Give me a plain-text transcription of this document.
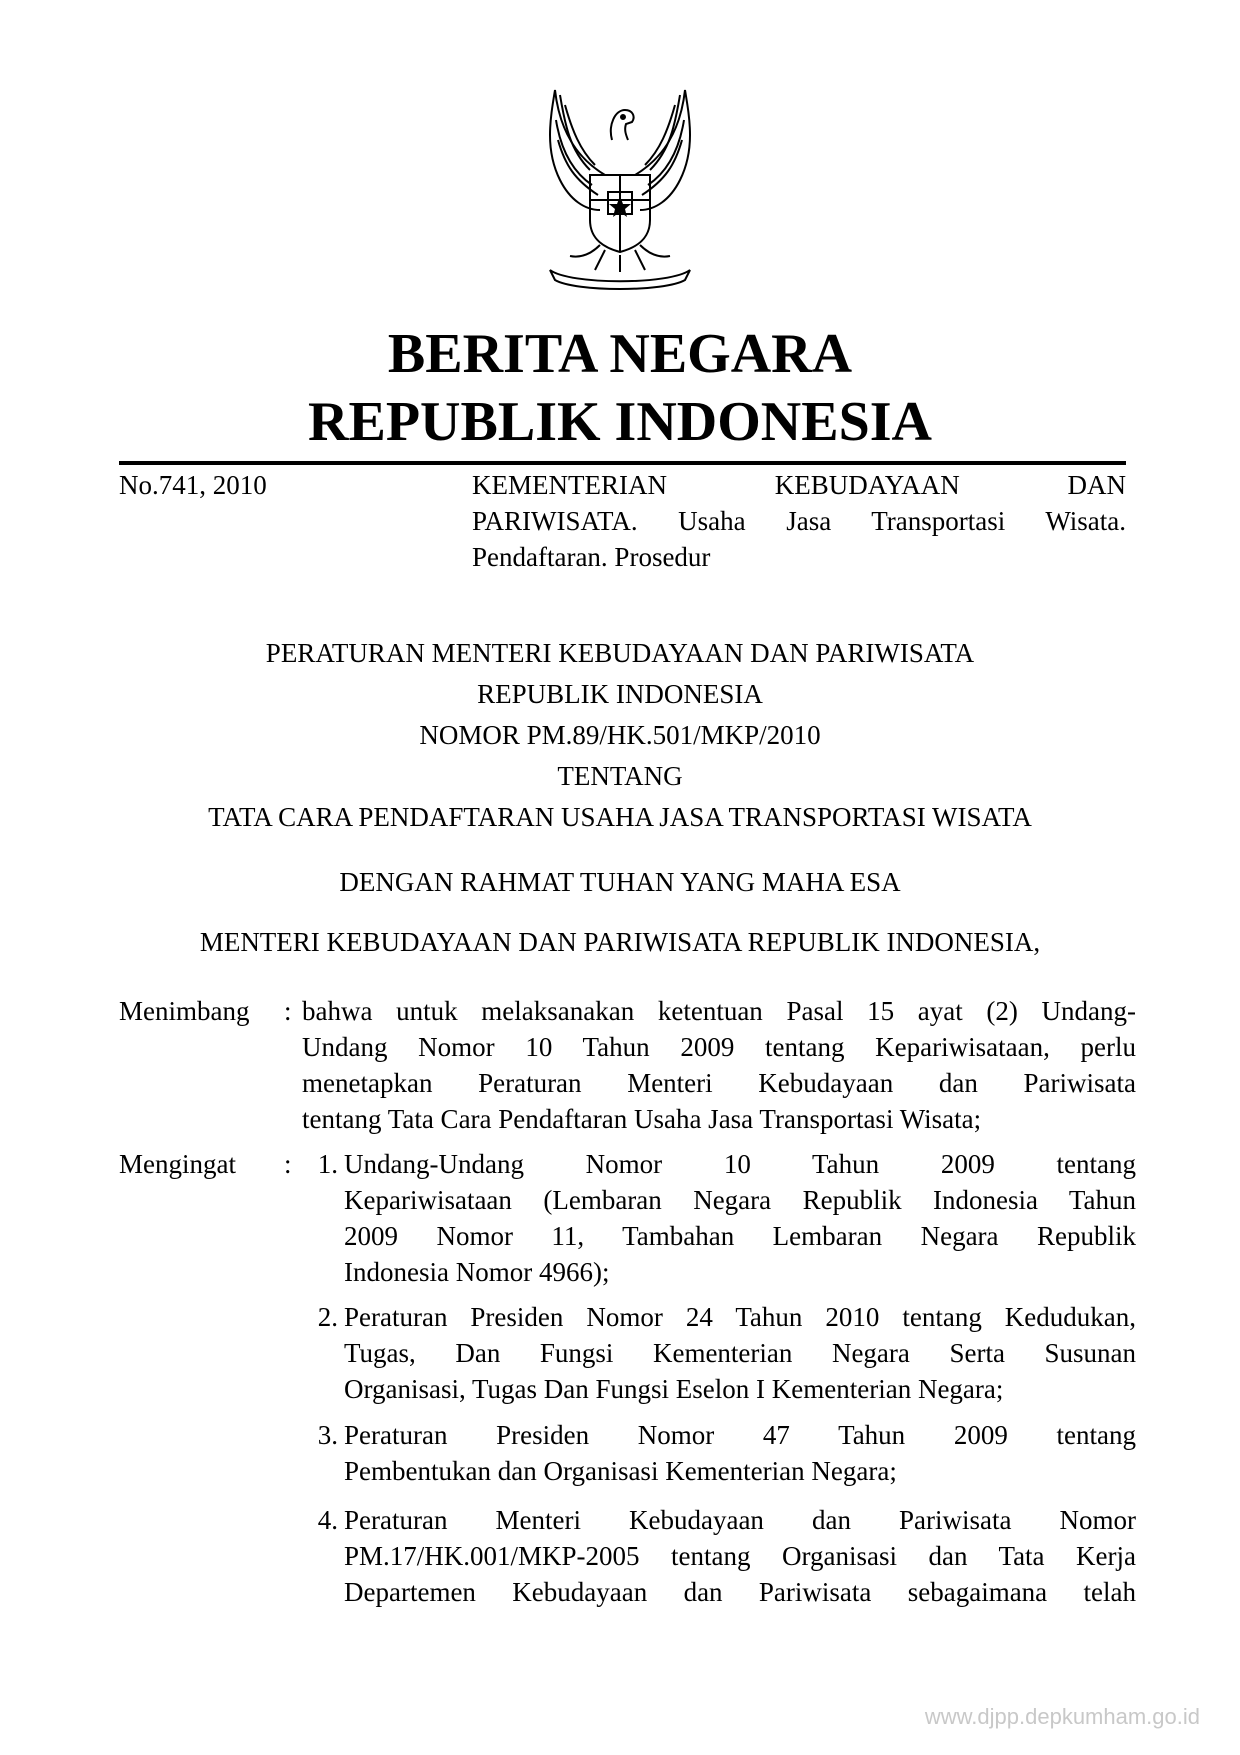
BERITA NEGARA
REPUBLIK INDONESIA
No.741, 2010	KEMENTERIAN KEBUDAYAAN DAN
PARIWISATA. Usaha Jasa Transportasi Wisata.
Pendaftaran. Prosedur
PERATURAN MENTERI KEBUDAYAAN DAN PARIWISATA
REPUBLIK INDONESIA
NOMOR PM.89/HK.501/MKP/2010
TENTANG
TATA CARA PENDAFTARAN USAHA JASA TRANSPORTASI WISATA
DENGAN RAHMAT TUHAN YANG MAHA ESA
MENTERI KEBUDAYAAN DAN PARIWISATA REPUBLIK INDONESIA,
Menimbang : bahwa untuk melaksanakan ketentuan Pasal 15 ayat (2) Undang-
Undang Nomor 10 Tahun 2009 tentang Kepariwisataan, perlu
menetapkan Peraturan Menteri Kebudayaan dan Pariwisata
tentang Tata Cara Pendaftaran Usaha Jasa Transportasi Wisata;
Mengingat : 1. Undang-Undang Nomor 10 Tahun 2009 tentang
Kepariwisataan (Lembaran Negara Republik Indonesia Tahun
2009 Nomor 11, Tambahan Lembaran Negara Republik
Indonesia Nomor 4966);
2. Peraturan Presiden Nomor 24 Tahun 2010 tentang Kedudukan,
Tugas, Dan Fungsi Kementerian Negara Serta Susunan
Organisasi, Tugas Dan Fungsi Eselon I Kementerian Negara;
3. Peraturan Presiden Nomor 47 Tahun 2009 tentang
Pembentukan dan Organisasi Kementerian Negara;
4. Peraturan Menteri Kebudayaan dan Pariwisata Nomor
PM.17/HK.001/MKP-2005 tentang Organisasi dan Tata Kerja
Departemen Kebudayaan dan Pariwisata sebagaimana telah
www.djpp.depkumham.go.id
